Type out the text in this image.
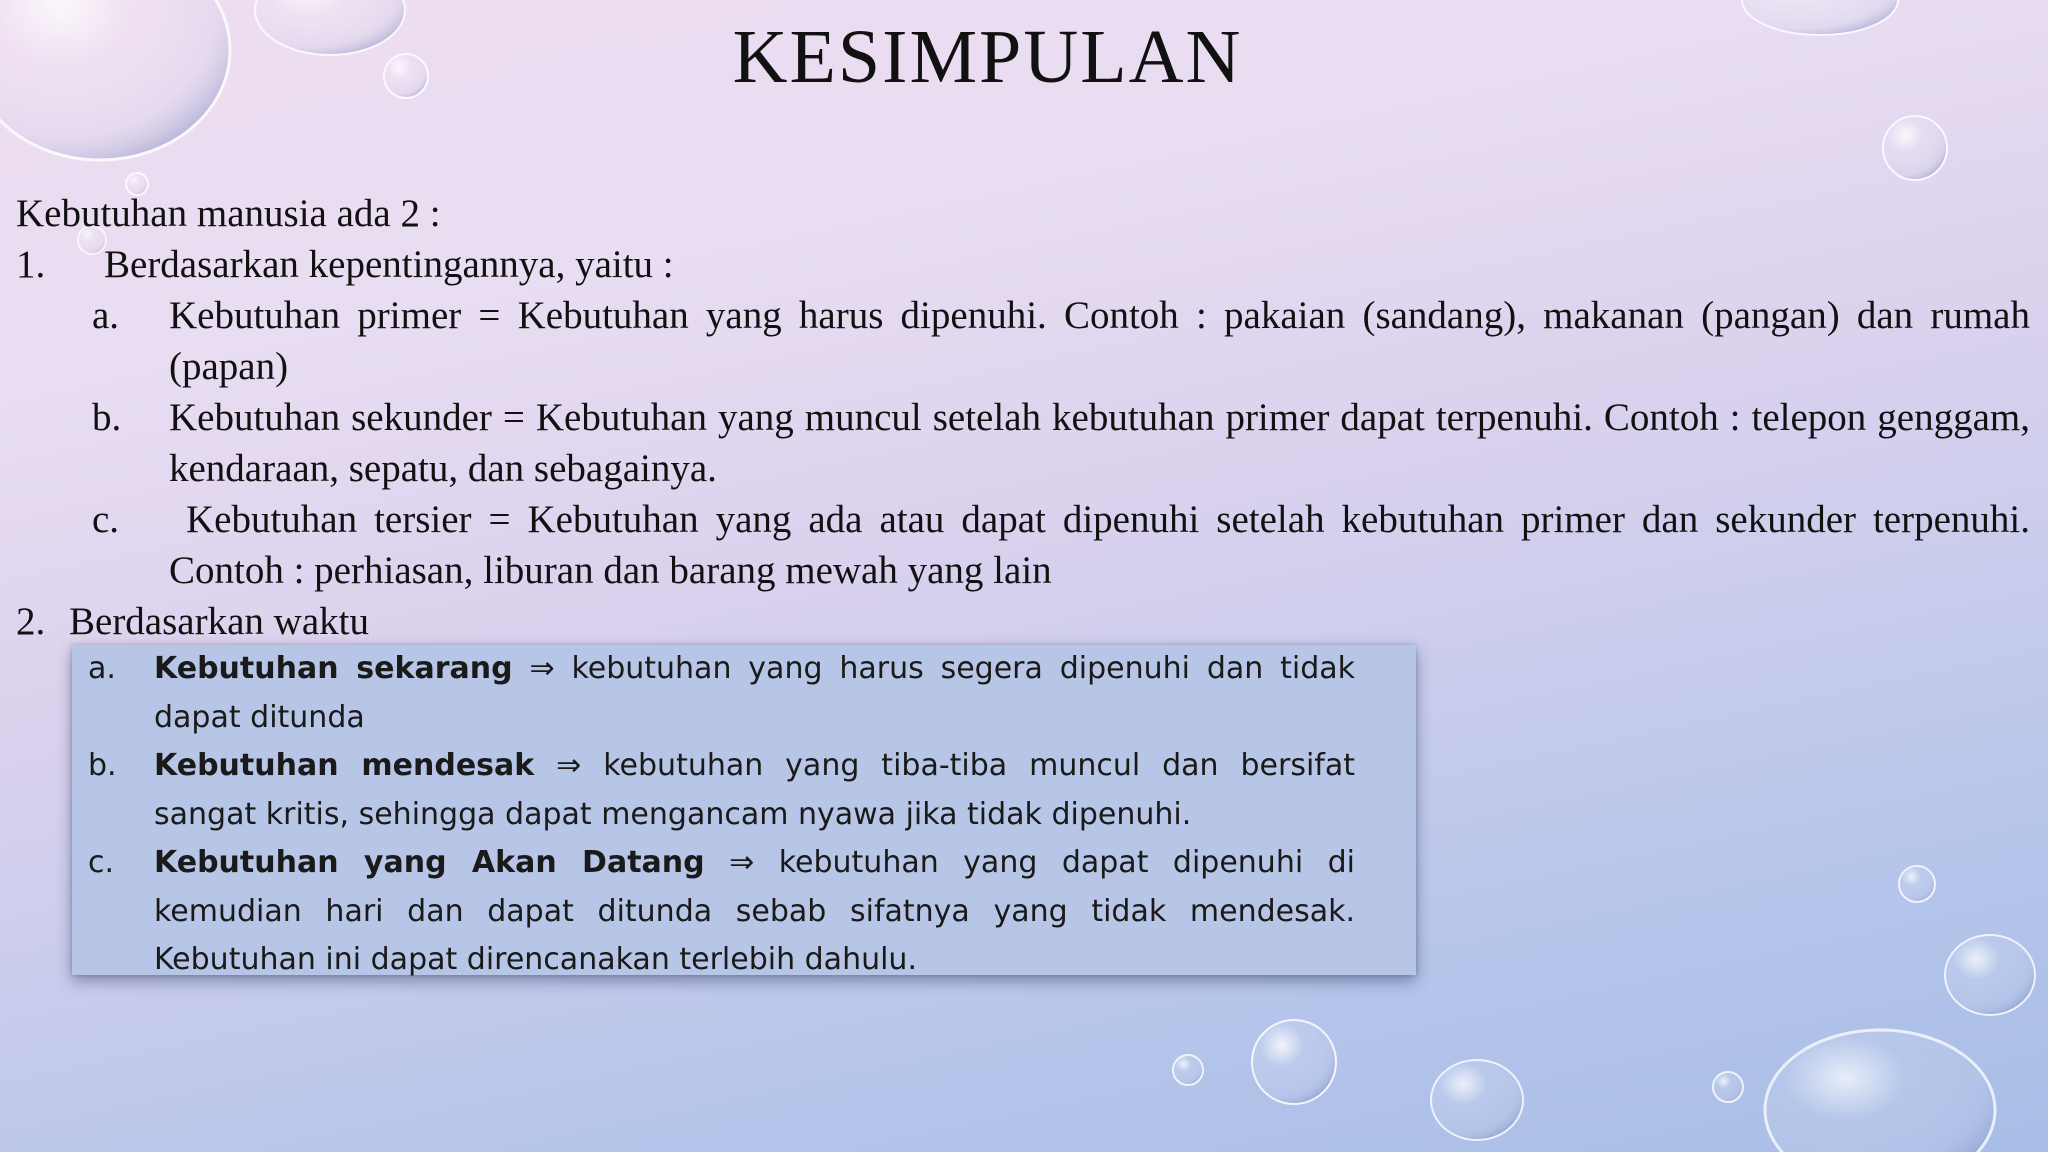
KESIMPULAN
Kebutuhan manusia ada 2 :
1.	Berdasarkan kepentingannya, yaitu :
a.	Kebutuhan primer = Kebutuhan yang harus dipenuhi. Contoh : pakaian (sandang), makanan (pangan) dan rumah (papan)
b.	Kebutuhan sekunder = Kebutuhan yang muncul setelah kebutuhan primer dapat terpenuhi. Contoh : telepon genggam, kendaraan, sepatu, dan sebagainya.
c.	Kebutuhan tersier = Kebutuhan yang ada atau dapat dipenuhi setelah kebutuhan primer dan sekunder terpenuhi. Contoh : perhiasan, liburan dan barang mewah yang lain
2. Berdasarkan waktu
a.	Kebutuhan sekarang ⇒ kebutuhan yang harus segera dipenuhi dan tidak dapat ditunda
b.	Kebutuhan mendesak ⇒ kebutuhan yang tiba-tiba muncul dan bersifat sangat kritis, sehingga dapat mengancam nyawa jika tidak dipenuhi.
c.	Kebutuhan yang Akan Datang ⇒ kebutuhan yang dapat dipenuhi di kemudian hari dan dapat ditunda sebab sifatnya yang tidak mendesak. Kebutuhan ini dapat direncanakan terlebih dahulu.
